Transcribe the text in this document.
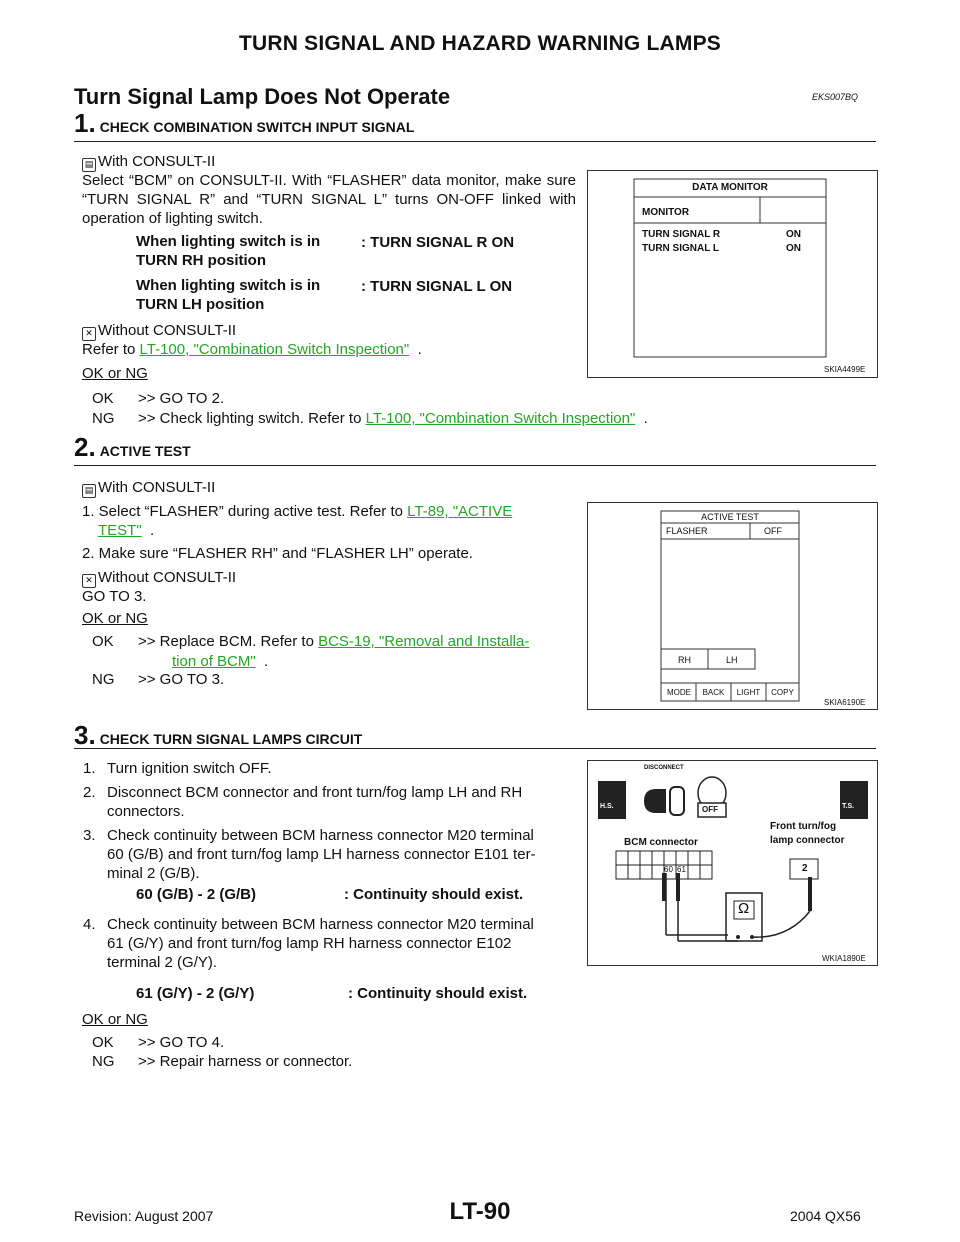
TURN SIGNAL AND HAZARD WARNING LAMPS
Turn Signal Lamp Does Not Operate	EKS007BQ
1. CHECK COMBINATION SWITCH INPUT SIGNAL
▤ With CONSULT-II
Select “BCM” on CONSULT-II. With “FLASHER” data monitor, make sure “TURN SIGNAL R” and “TURN SIGNAL L” turns ON-OFF linked with operation of lighting switch.
When lighting switch is in
TURN RH position	: TURN SIGNAL R ON
When lighting switch is in
TURN LH position	: TURN SIGNAL L ON
✕ Without CONSULT-II
Refer to LT-100, "Combination Switch Inspection" .
OK or NG
OK >> GO TO 2.
NG >> Check lighting switch. Refer to LT-100, "Combination Switch Inspection" .
DATA MONITOR
MONITOR
TURN SIGNAL R	ON
TURN SIGNAL L	ON
SKIA4499E
2. ACTIVE TEST
▤ With CONSULT-II
1. Select “FLASHER” during active test. Refer to LT-89, "ACTIVE
TEST" .
2. Make sure “FLASHER RH” and “FLASHER LH” operate.
✕ Without CONSULT-II
GO TO 3.
OK or NG
OK >> Replace BCM. Refer to BCS-19, "Removal and Installa-
tion of BCM" .
NG >> GO TO 3.
ACTIVE TEST
FLASHER	OFF
RH	LH
MODE	BACK	LIGHT	COPY
SKIA6190E
3. CHECK TURN SIGNAL LAMPS CIRCUIT
1.	Turn ignition switch OFF.
2.	Disconnect BCM connector and front turn/fog lamp LH and RH
connectors.
3.	Check continuity between BCM harness connector M20 terminal
60 (G/B) and front turn/fog lamp LH harness connector E101 ter-
minal 2 (G/B).
60 (G/B) - 2 (G/B)	: Continuity should exist.
4.	Check continuity between BCM harness connector M20 terminal
61 (G/Y) and front turn/fog lamp RH harness connector E102
terminal 2 (G/Y).
61 (G/Y) - 2 (G/Y)	: Continuity should exist.
OK or NG
OK >> GO TO 4.
NG >> Repair harness or connector.
H.S.	T.S.
DISCONNECT
OFF
BCM connector
Front turn/fog
lamp connector
60 61	2
Ω
WKIA1890E
Revision: August 2007	LT-90	2004 QX56
